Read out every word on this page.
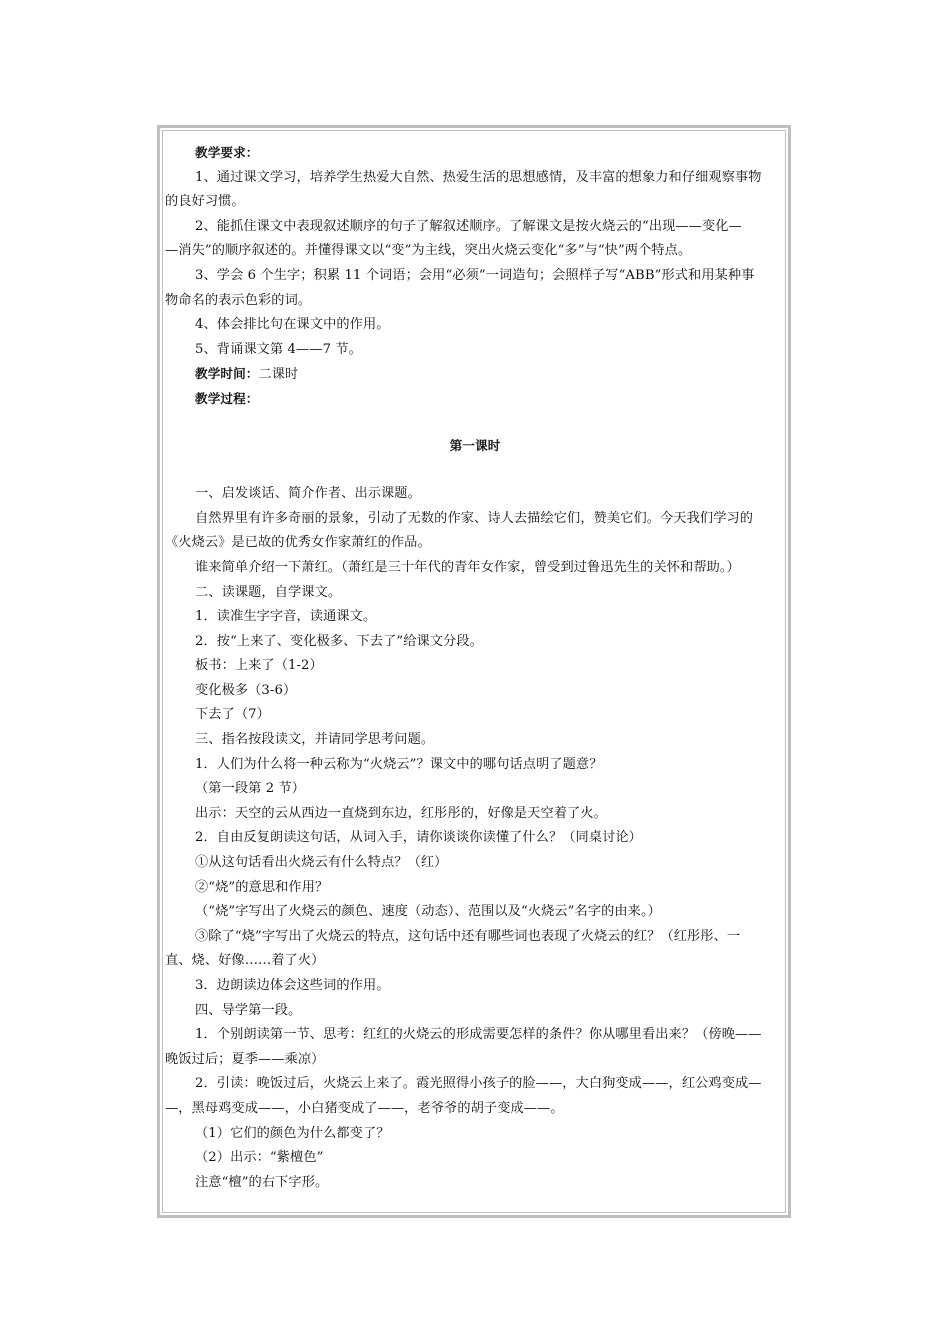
教学要求：
1、通过课文学习，培养学生热爱大自然、热爱生活的思想感情，及丰富的想象力和仔细观察事物
的良好习惯。
2、能抓住课文中表现叙述顺序的句子了解叙述顺序。了解课文是按火烧云的“出现——变化—
—消失”的顺序叙述的。并懂得课文以“变”为主线，突出火烧云变化“多”与“快”两个特点。
3、学会 6 个生字；积累 11 个词语；会用“必须”一词造句；会照样子写“ABB”形式和用某种事
物命名的表示色彩的词。
4、体会排比句在课文中的作用。
5、背诵课文第 4——7 节。
教学时间：二课时
教学过程：
第一课时
一、启发谈话、简介作者、出示课题。
自然界里有许多奇丽的景象，引动了无数的作家、诗人去描绘它们，赞美它们。今天我们学习的
《火烧云》是已故的优秀女作家萧红的作品。
谁来简单介绍一下萧红。（萧红是三十年代的青年女作家，曾受到过鲁迅先生的关怀和帮助。）
二、读课题，自学课文。
1．读准生字字音，读通课文。
2．按“上来了、变化极多、下去了”给课文分段。
板书：上来了（1-2）
变化极多（3-6）
下去了（7）
三、指名按段读文，并请同学思考问题。
1．人们为什么将一种云称为“火烧云”？课文中的哪句话点明了题意？
（第一段第 2 节）
出示：天空的云从西边一直烧到东边，红彤彤的，好像是天空着了火。
2．自由反复朗读这句话，从词入手，请你谈谈你读懂了什么？（同桌讨论）
①从这句话看出火烧云有什么特点？（红）
②“烧”的意思和作用？
（“烧”字写出了火烧云的颜色、速度（动态）、范围以及“火烧云”名字的由来。）
③除了“烧”字写出了火烧云的特点，这句话中还有哪些词也表现了火烧云的红？（红彤彤、一
直、烧、好像……着了火）
3．边朗读边体会这些词的作用。
四、导学第一段。
1．个别朗读第一节、思考：红红的火烧云的形成需要怎样的条件？你从哪里看出来？（傍晚——
晚饭过后；夏季——乘凉）
2．引读：晚饭过后，火烧云上来了。霞光照得小孩子的脸——，大白狗变成——，红公鸡变成—
—，黑母鸡变成——，小白猪变成了——，老爷爷的胡子变成——。
（1）它们的颜色为什么都变了？
（2）出示：“紫檀色”
注意“檀”的右下字形。
